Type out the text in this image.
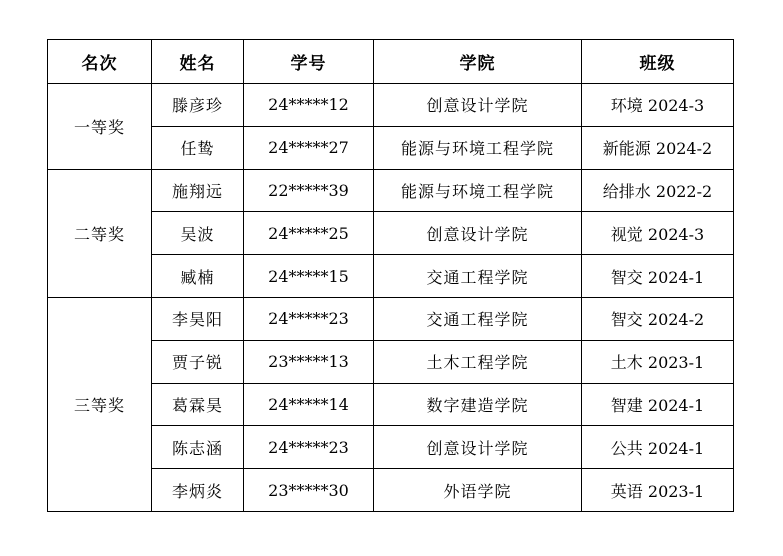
名次	姓名	学号	学院	班级
一等奖	滕彦珍	24*****12	创意设计学院	环境 2024-3
	任鸷	24*****27	能源与环境工程学院	新能源 2024-2
二等奖	施翔远	22*****39	能源与环境工程学院	给排水 2022-2
	吴波	24*****25	创意设计学院	视觉 2024-3
	臧楠	24*****15	交通工程学院	智交 2024-1
三等奖	李昊阳	24*****23	交通工程学院	智交 2024-2
	贾子锐	23*****13	土木工程学院	土木 2023-1
	葛霖昊	24*****14	数字建造学院	智建 2024-1
	陈志涵	24*****23	创意设计学院	公共 2024-1
	李炳炎	23*****30	外语学院	英语 2023-1
